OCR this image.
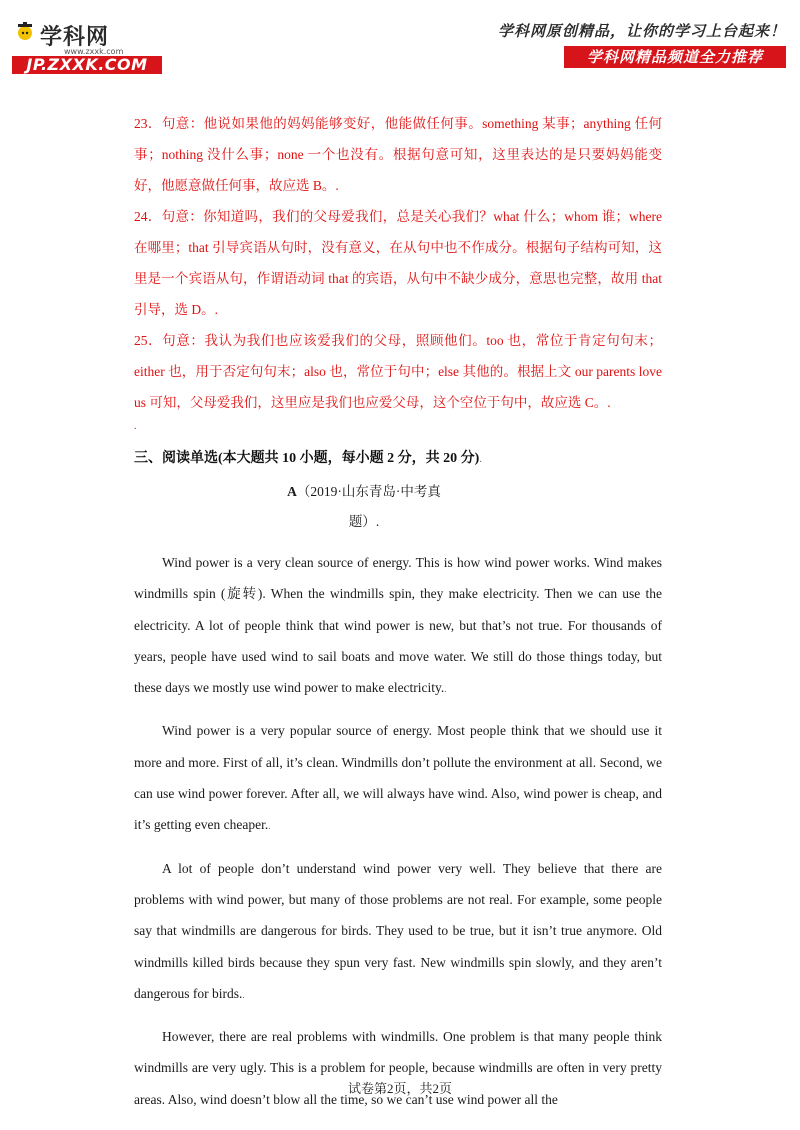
学科网
www.zxxk.com
JP.ZXXK.COM
学科网原创精品，让你的学习上台起来！
学科网精品频道全力推荐

23．句意：他说如果他的妈妈能够变好，他能做任何事。something 某事；anything 任何事；nothing 没什么事；none 一个也没有。根据句意可知，这里表达的是只要妈妈能变好，他愿意做任何事，故应选 B。.

24．句意：你知道吗，我们的父母爱我们，总是关心我们？what 什么；whom 谁；where 在哪里；that 引导宾语从句时，没有意义，在从句中也不作成分。根据句子结构可知，这里是一个宾语从句，作谓语动词 that 的宾语，从句中不缺少成分，意思也完整，故用 that 引导，选 D。.

25．句意：我认为我们也应该爱我们的父母，照顾他们。too 也，常位于肯定句句末；either 也，用于否定句句末；also 也，常位于句中；else 其他的。根据上文 our parents love us 可知，父母爱我们，这里应是我们也应爱父母，这个空位于句中，故应选 C。.

.

三、阅读单选(本大题共 10 小题，每小题 2 分，共 20 分).
A（2019·山东青岛·中考真题）.

Wind power is a very clean source of energy. This is how wind power works. Wind makes windmills spin (旋转). When the windmills spin, they make electricity. Then we can use the electricity. A lot of people think that wind power is new, but that’s not true. For thousands of years, people have used wind to sail boats and move water. We still do those things today, but these days we mostly use wind power to make electricity..

Wind power is a very popular source of energy. Most people think that we should use it more and more. First of all, it’s clean. Windmills don’t pollute the environment at all. Second, we can use wind power forever. After all, we will always have wind. Also, wind power is cheap, and it’s getting even cheaper..

A lot of people don’t understand wind power very well. They believe that there are problems with wind power, but many of those problems are not real. For example, some people say that windmills are dangerous for birds. They used to be true, but it isn’t true anymore. Old windmills killed birds because they spun very fast. New windmills spin slowly, and they aren’t dangerous for birds..

However, there are real problems with windmills. One problem is that many people think windmills are very ugly. This is a problem for people, because windmills are often in very pretty areas. Also, wind doesn’t blow all the time, so we can’t use wind power all the

试卷第2页，共2页
